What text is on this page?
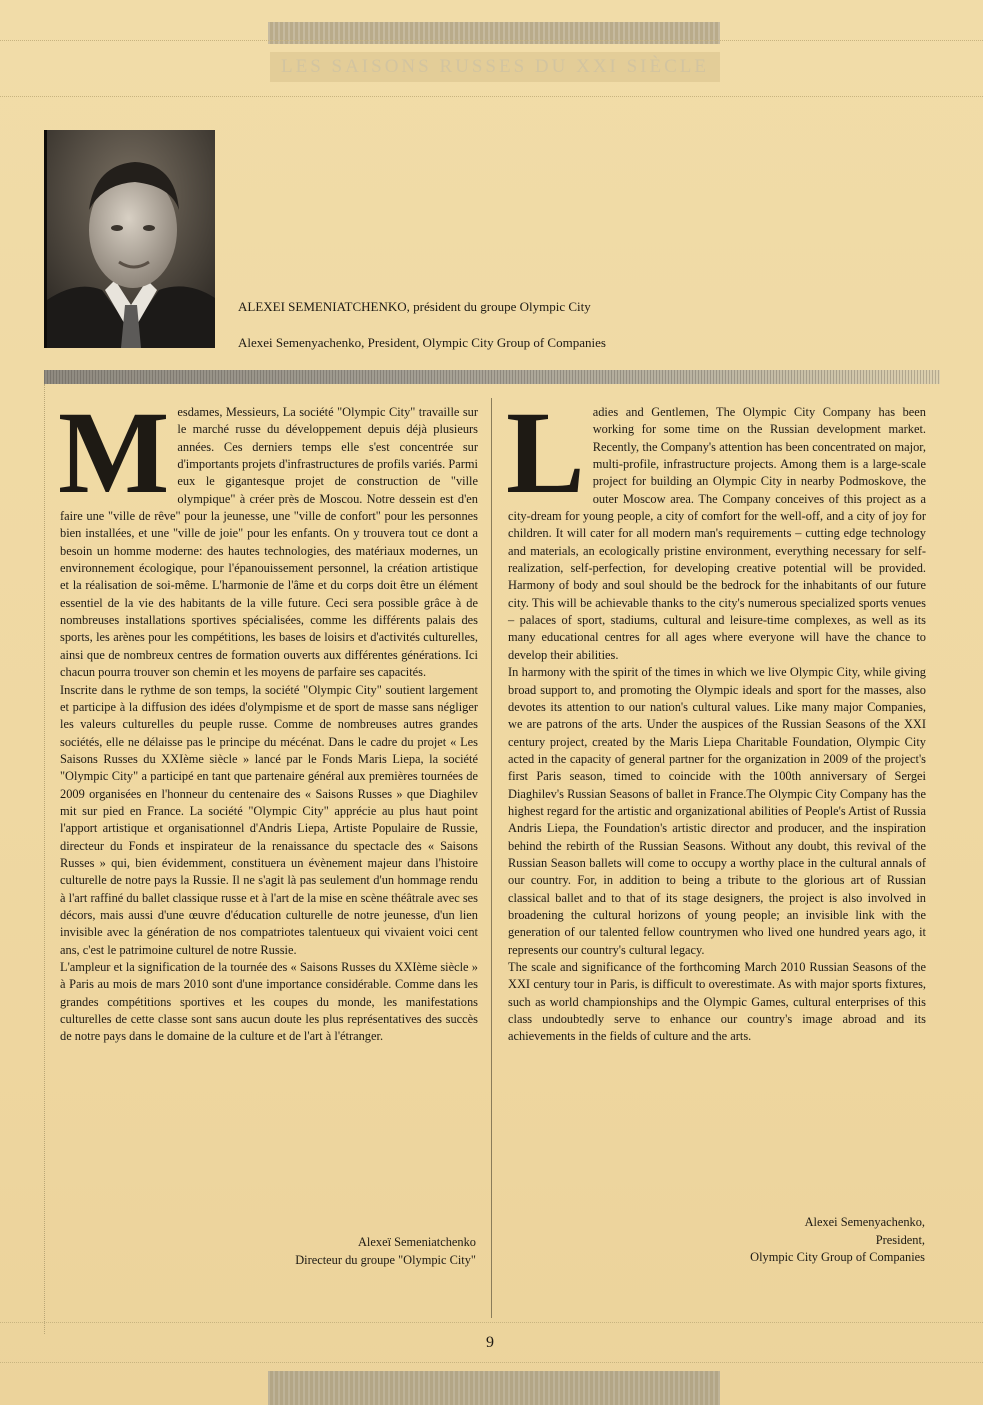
LES SAISONS RUSSES DU XXI SIÈCLE
ALEXEI SEMENIATCHENKO, président du groupe Olympic City
Alexei Semenyachenko, President, Olympic City Group of Companies
M esdames, Messieurs, La société "Olympic City" travaille sur le marché russe du développement depuis déjà plusieurs années. Ces derniers temps elle s'est concentrée sur d'importants projets d'infrastructures de profils variés. Parmi eux le gigantesque projet de construction de "ville olympique" à créer près de Moscou. Notre dessein est d'en faire une "ville de rêve" pour la jeunesse, une "ville de confort" pour les personnes bien installées, et une "ville de joie" pour les enfants. On y trouvera tout ce dont a besoin un homme moderne: des hautes technologies, des matériaux modernes, un environnement écologique, pour l'épanouissement personnel, la création artistique et la réalisation de soi-même. L'harmonie de l'âme et du corps doit être un élément essentiel de la vie des habitants de la ville future. Ceci sera possible grâce à de nombreuses installations sportives spécialisées, comme les différents palais des sports, les arènes pour les compétitions, les bases de loisirs et d'activités culturelles, ainsi que de nombreux centres de formation ouverts aux différentes générations. Ici chacun pourra trouver son chemin et les moyens de parfaire ses capacités.

Inscrite dans le rythme de son temps, la société "Olympic City" soutient largement et participe à la diffusion des idées d'olympisme et de sport de masse sans négliger les valeurs culturelles du peuple russe. Comme de nombreuses autres grandes sociétés, elle ne délaisse pas le principe du mécénat. Dans le cadre du projet « Les Saisons Russes du XXIème siècle » lancé par le Fonds Maris Liepa, la société "Olympic City" a participé en tant que partenaire général aux premières tournées de 2009 organisées en l'honneur du centenaire des « Saisons Russes » que Diaghilev mit sur pied en France. La société "Olympic City" apprécie au plus haut point l'apport artistique et organisationnel d'Andris Liepa, Artiste Populaire de Russie, directeur du Fonds et inspirateur de la renaissance du spectacle des « Saisons Russes » qui, bien évidemment, constituera un évènement majeur dans l'histoire culturelle de notre pays la Russie. Il ne s'agit là pas seulement d'un hommage rendu à l'art raffiné du ballet classique russe et à l'art de la mise en scène théâtrale avec ses décors, mais aussi d'une œuvre d'éducation culturelle de notre jeunesse, d'un lien invisible avec la génération de nos compatriotes talentueux qui vivaient voici cent ans, c'est le patrimoine culturel de notre Russie.

L'ampleur et la signification de la tournée des « Saisons Russes du XXIème siècle » à Paris au mois de mars 2010 sont d'une importance considérable. Comme dans les grandes compétitions sportives et les coupes du monde, les manifestations culturelles de cette classe sont sans aucun doute les plus représentatives des succès de notre pays dans le domaine de la culture et de l'art à l'étranger.

L adies and Gentlemen, The Olympic City Company has been working for some time on the Russian development market. Recently, the Company's attention has been concentrated on major, multi-profile, infrastructure projects. Among them is a large-scale project for building an Olympic City in nearby Podmoskove, the outer Moscow area. The Company conceives of this project as a city-dream for young people, a city of comfort for the well-off, and a city of joy for children. It will cater for all modern man's requirements – cutting edge technology and materials, an ecologically pristine environment, everything necessary for self-realization, self-perfection, for developing creative potential will be provided. Harmony of body and soul should be the bedrock for the inhabitants of our future city. This will be achievable thanks to the city's numerous specialized sports venues – palaces of sport, stadiums, cultural and leisure-time complexes, as well as its many educational centres for all ages where everyone will have the chance to develop their abilities.

In harmony with the spirit of the times in which we live Olympic City, while giving broad support to, and promoting the Olympic ideals and sport for the masses, also devotes its attention to our nation's cultural values. Like many major Companies, we are patrons of the arts. Under the auspices of the Russian Seasons of the XXI century project, created by the Maris Liepa Charitable Foundation, Olympic City acted in the capacity of general partner for the organization in 2009 of the project's first Paris season, timed to coincide with the 100th anniversary of Sergei Diaghilev's Russian Seasons of ballet in France.The Olympic City Company has the highest regard for the artistic and organizational abilities of People's Artist of Russia Andris Liepa, the Foundation's artistic director and producer, and the inspiration behind the rebirth of the Russian Seasons. Without any doubt, this revival of the Russian Season ballets will come to occupy a worthy place in the cultural annals of our country. For, in addition to being a tribute to the glorious art of Russian classical ballet and to that of its stage designers, the project is also involved in broadening the cultural horizons of young people; an invisible link with the generation of our talented fellow countrymen who lived one hundred years ago, it represents our country's cultural legacy.

The scale and significance of the forthcoming March 2010 Russian Seasons of the XXI century tour in Paris, is difficult to overestimate. As with major sports fixtures, such as world championships and the Olympic Games, cultural enterprises of this class undoubtedly serve to enhance our country's image abroad and its achievements in the fields of culture and the arts.

Alexeï Semeniatchenko
Directeur du groupe "Olympic City"
Alexei Semenyachenko,
President,
Olympic City Group of Companies
9
